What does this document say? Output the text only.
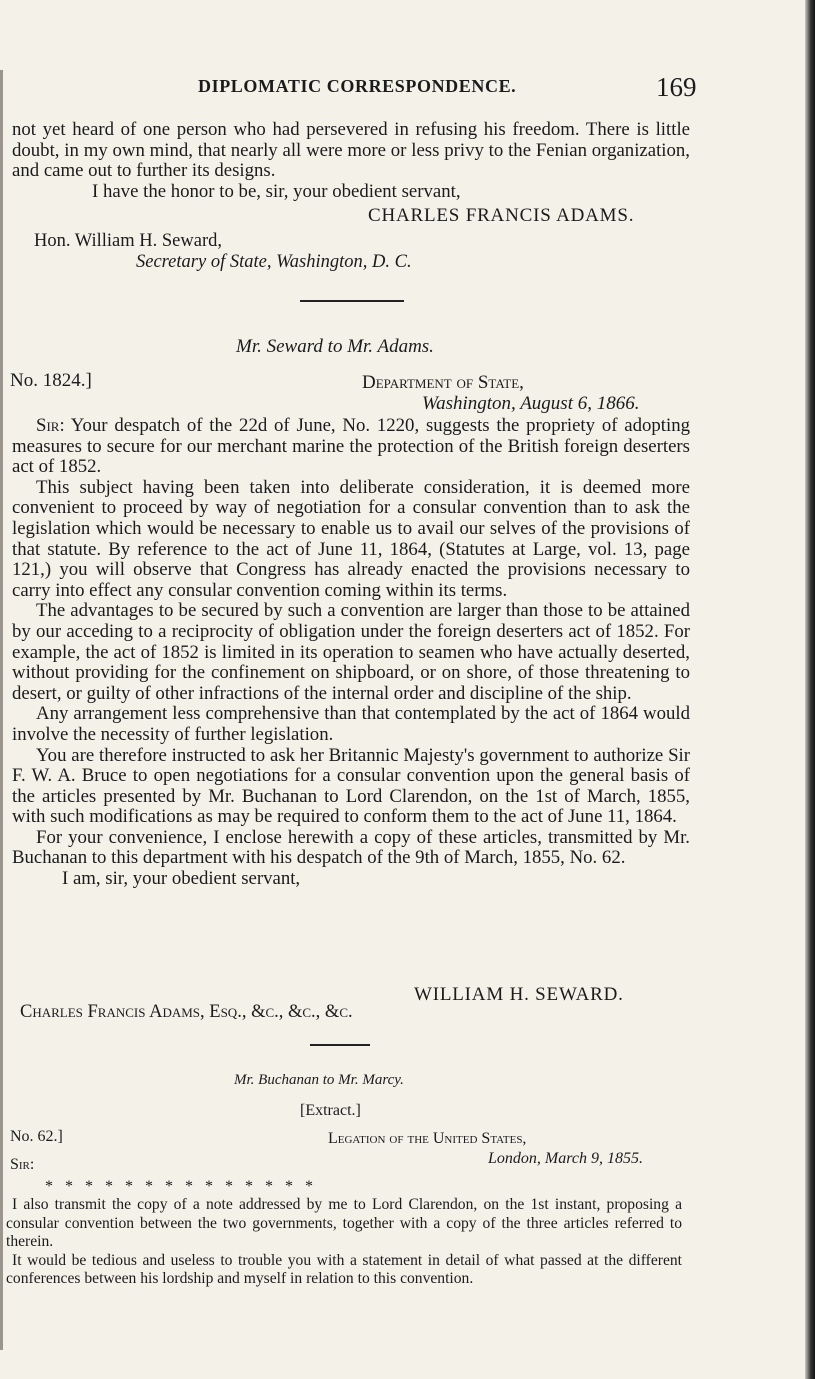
DIPLOMATIC CORRESPONDENCE.	169

not yet heard of one person who had persevered in refusing his freedom. There is little doubt, in my own mind, that nearly all were more or less privy to the Fenian organization, and came out to further its designs.

I have the honor to be, sir, your obedient servant,

CHARLES FRANCIS ADAMS.
Hon. William H. Seward,
Secretary of State, Washington, D. C.
Mr. Seward to Mr. Adams.
No. 1824.]	Department of State,
Washington, August 6, 1866.

Sir: Your despatch of the 22d of June, No. 1220, suggests the propriety of adopting measures to secure for our merchant marine the protection of the British foreign deserters act of 1852.

This subject having been taken into deliberate consideration, it is deemed more convenient to proceed by way of negotiation for a consular convention than to ask the legislation which would be necessary to enable us to avail our selves of the provisions of that statute. By reference to the act of June 11, 1864, (Statutes at Large, vol. 13, page 121,) you will observe that Congress has already enacted the provisions necessary to carry into effect any consular convention coming within its terms.

The advantages to be secured by such a convention are larger than those to be attained by our acceding to a reciprocity of obligation under the foreign deserters act of 1852. For example, the act of 1852 is limited in its operation to seamen who have actually deserted, without providing for the confinement on shipboard, or on shore, of those threatening to desert, or guilty of other infractions of the internal order and discipline of the ship.

Any arrangement less comprehensive than that contemplated by the act of 1864 would involve the necessity of further legislation.

You are therefore instructed to ask her Britannic Majesty's government to authorize Sir F. W. A. Bruce to open negotiations for a consular convention upon the general basis of the articles presented by Mr. Buchanan to Lord Clarendon, on the 1st of March, 1855, with such modifications as may be required to conform them to the act of June 11, 1864.

For your convenience, I enclose herewith a copy of these articles, transmitted by Mr. Buchanan to this department with his despatch of the 9th of March, 1855, No. 62.

I am, sir, your obedient servant,

WILLIAM H. SEWARD.
Charles Francis Adams, Esq., &c., &c., &c.
Mr. Buchanan to Mr. Marcy.
[Extract.]
No. 62.]	Legation of the United States,
London, March 9, 1855.
Sir:
*   *   *   *   *   *   *   *   *   *   *   *   *   *

I also transmit the copy of a note addressed by me to Lord Clarendon, on the 1st instant, proposing a consular convention between the two governments, together with a copy of the three articles referred to therein.

It would be tedious and useless to trouble you with a statement in detail of what passed at the different conferences between his lordship and myself in relation to this convention.
